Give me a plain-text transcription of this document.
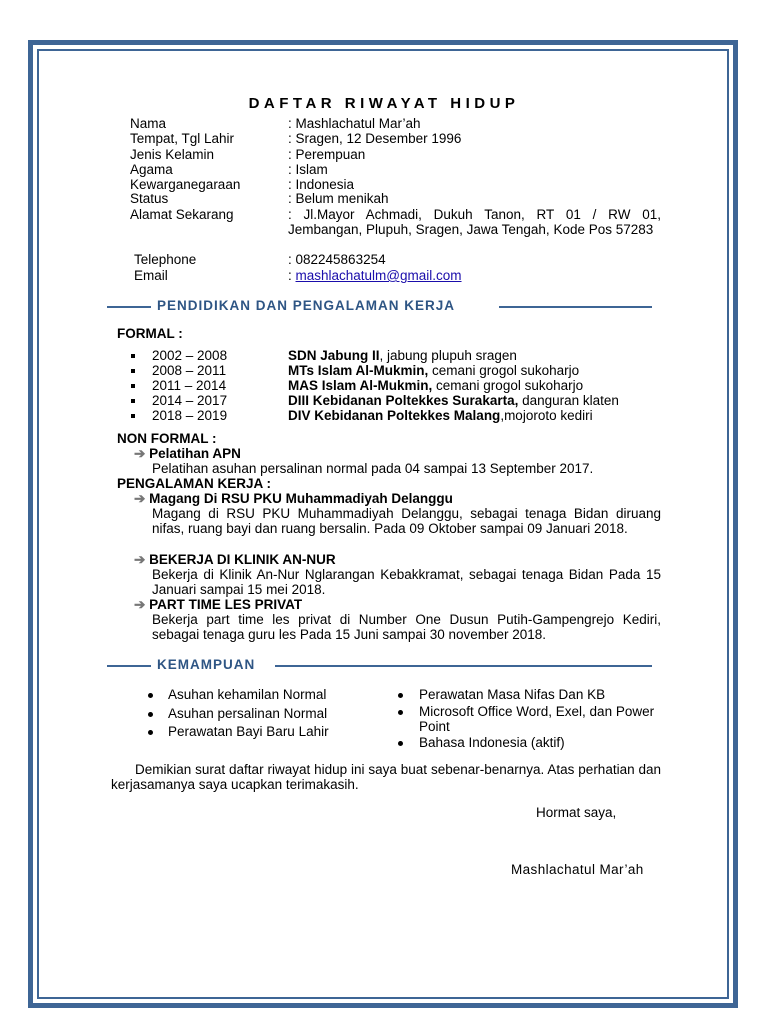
DAFTAR RIWAYAT HIDUP
Nama	: Mashlachatul Mar’ah
Tempat, Tgl Lahir	: Sragen, 12 Desember 1996
Jenis Kelamin	: Perempuan
Agama	: Islam
Kewarganegaraan	: Indonesia
Status	: Belum menikah
Alamat Sekarang	: Jl.Mayor Achmadi, Dukuh Tanon, RT 01 / RW 01, Jembangan, Plupuh, Sragen, Jawa Tengah, Kode Pos 57283
Telephone	: 082245863254
Email	: mashlachatulm@gmail.com
PENDIDIKAN DAN PENGALAMAN KERJA
FORMAL :
2002 – 2008	SDN Jabung II, jabung plupuh sragen
2008 – 2011	MTs Islam Al-Mukmin, cemani grogol sukoharjo
2011 – 2014	MAS Islam Al-Mukmin, cemani grogol sukoharjo
2014 – 2017	DIII Kebidanan Poltekkes Surakarta, danguran klaten
2018 – 2019	DIV Kebidanan Poltekkes Malang,mojoroto kediri
NON FORMAL :
➔ Pelatihan APN
Pelatihan asuhan persalinan normal pada 04 sampai 13 September 2017.
PENGALAMAN KERJA :
➔ Magang Di RSU PKU Muhammadiyah Delanggu
Magang di RSU PKU Muhammadiyah Delanggu, sebagai tenaga Bidan diruang nifas, ruang bayi dan ruang bersalin. Pada 09 Oktober sampai 09 Januari 2018.
➔ BEKERJA DI KLINIK AN-NUR
Bekerja di Klinik An-Nur Nglarangan Kebakkramat, sebagai tenaga Bidan Pada 15 Januari sampai 15 mei 2018.
➔ PART TIME LES PRIVAT
Bekerja part time les privat di Number One Dusun Putih-Gampengrejo Kediri, sebagai tenaga guru les Pada 15 Juni sampai 30 november 2018.
KEMAMPUAN
Asuhan kehamilan Normal
Asuhan persalinan Normal
Perawatan Bayi Baru Lahir
Perawatan Masa Nifas Dan KB
Microsoft Office Word, Exel, dan Power Point
Bahasa Indonesia (aktif)
Demikian surat daftar riwayat hidup ini saya buat sebenar-benarnya. Atas perhatian dan kerjasamanya saya ucapkan terimakasih.
Hormat saya,
Mashlachatul Mar’ah
